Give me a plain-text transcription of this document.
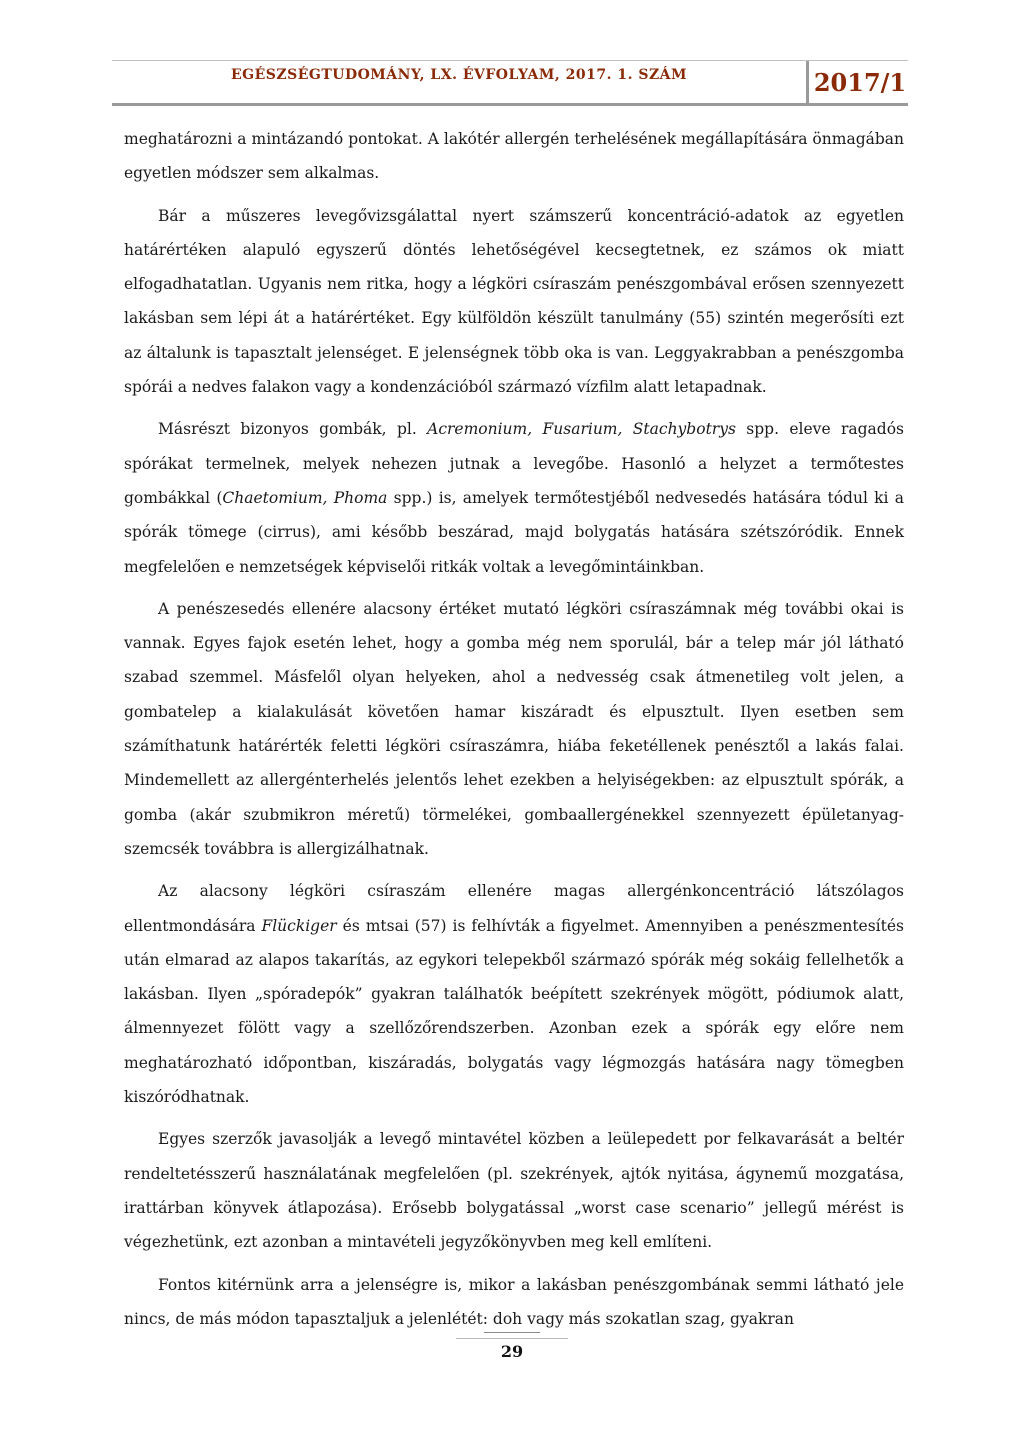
EGÉSZSÉGTUDOMÁNY, LX. ÉVFOLYAM, 2017. 1. SZÁM	2017/1

meghatározni a mintázandó pontokat. A lakótér allergén terhelésének megállapítására önmagában egyetlen módszer sem alkalmas.

Bár a műszeres levegővizsgálattal nyert számszerű koncentráció-adatok az egyetlen határértéken alapuló egyszerű döntés lehetőségével kecsegtetnek, ez számos ok miatt elfogadhatatlan. Ugyanis nem ritka, hogy a légköri csíraszám penészgombával erősen szennyezett lakásban sem lépi át a határértéket. Egy külföldön készült tanulmány (55) szintén megerősíti ezt az általunk is tapasztalt jelenséget. E jelenségnek több oka is van. Leggyakrabban a penészgomba spórái a nedves falakon vagy a kondenzációból származó vízfilm alatt letapadnak.

Másrészt bizonyos gombák, pl. Acremonium, Fusarium, Stachybotrys spp. eleve ragadós spórákat termelnek, melyek nehezen jutnak a levegőbe. Hasonló a helyzet a termőtestes gombákkal (Chaetomium, Phoma spp.) is, amelyek termőtestjéből nedvesedés hatására tódul ki a spórák tömege (cirrus), ami később beszárad, majd bolygatás hatására szétszóródik. Ennek megfelelően e nemzetségek képviselői ritkák voltak a levegőmintáinkban.

A penészesedés ellenére alacsony értéket mutató légköri csíraszámnak még további okai is vannak. Egyes fajok esetén lehet, hogy a gomba még nem sporulál, bár a telep már jól látható szabad szemmel. Másfelől olyan helyeken, ahol a nedvesség csak átmenetileg volt jelen, a gombatelep a kialakulását követően hamar kiszáradt és elpusztult. Ilyen esetben sem számíthatunk határérték feletti légköri csíraszámra, hiába feketéllenek penésztől a lakás falai. Mindemellett az allergénterhelés jelentős lehet ezekben a helyiségekben: az elpusztult spórák, a gomba (akár szubmikron méretű) törmelékei, gombaallergénekkel szennyezett épületanyag-szemcsék továbbra is allergizálhatnak.

Az alacsony légköri csíraszám ellenére magas allergénkoncentráció látszólagos ellentmondására Flückiger és mtsai (57) is felhívták a figyelmet. Amennyiben a penészmentesítés után elmarad az alapos takarítás, az egykori telepekből származó spórák még sokáig fellelhetők a lakásban. Ilyen „spóradepók” gyakran találhatók beépített szekrények mögött, pódiumok alatt, álmennyezet fölött vagy a szellőzőrendszerben. Azonban ezek a spórák egy előre nem meghatározható időpontban, kiszáradás, bolygatás vagy légmozgás hatására nagy tömegben kiszóródhatnak.

Egyes szerzők javasolják a levegő mintavétel közben a leülepedett por felkavarását a beltér rendeltetésszerű használatának megfelelően (pl. szekrények, ajtók nyitása, ágynemű mozgatása, irattárban könyvek átlapozása). Erősebb bolygatással „worst case scenario” jellegű mérést is végezhetünk, ezt azonban a mintavételi jegyzőkönyvben meg kell említeni.

Fontos kitérnünk arra a jelenségre is, mikor a lakásban penészgombának semmi látható jele nincs, de más módon tapasztaljuk a jelenlétét: doh vagy más szokatlan szag, gyakran

29
